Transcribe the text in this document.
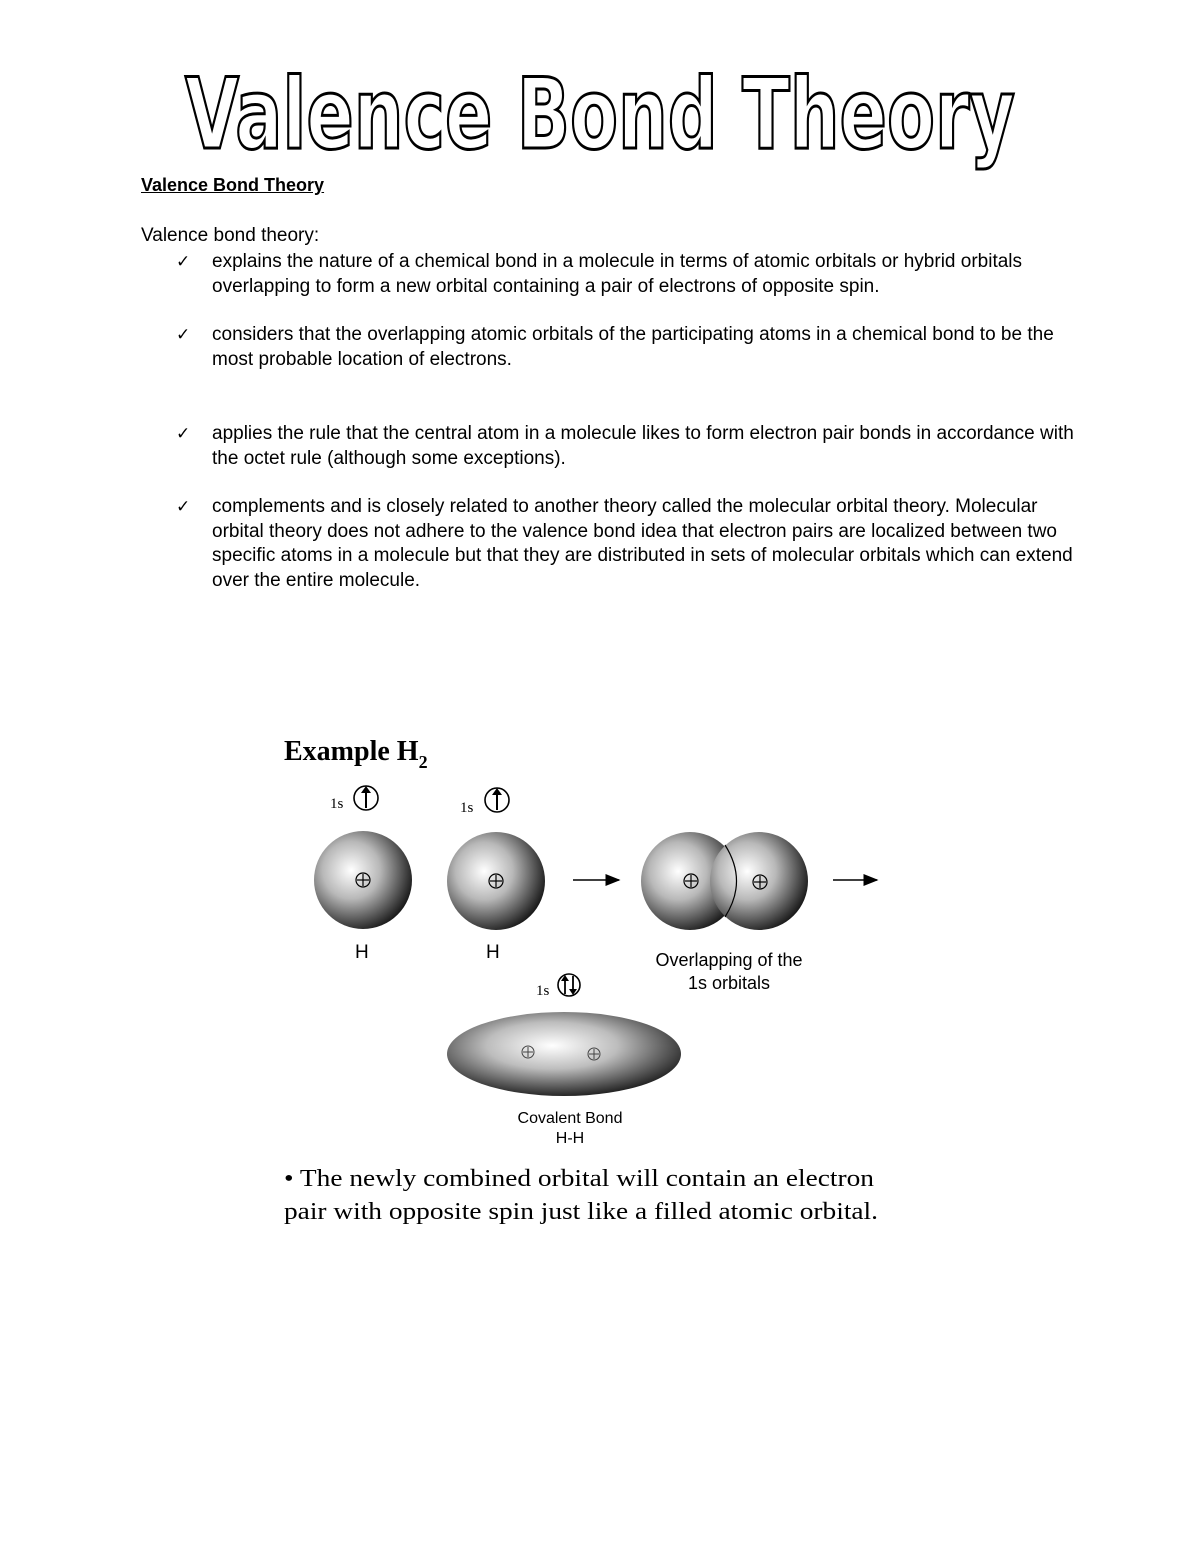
Valence Bond Theory
Valence Bond Theory
Valence bond theory:
✓ explains the nature of a chemical bond in a molecule in terms of atomic orbitals or hybrid orbitals overlapping to form a new orbital containing a pair of electrons of opposite spin.
✓ considers that the overlapping atomic orbitals of the participating atoms in a chemical bond to be the most probable location of electrons.
✓ applies the rule that the central atom in a molecule likes to form electron pair bonds in accordance with the octet rule (although some exceptions).
✓ complements and is closely related to another theory called the molecular orbital theory. Molecular orbital theory does not adhere to the valence bond idea that electron pairs are localized between two specific atoms in a molecule but that they are distributed in sets of molecular orbitals which can extend over the entire molecule.
Example $H_2$
1s
H
1s
H	Overlapping of the
1s orbitals
1s
Covalent Bond
H-H
• The newly combined orbital will contain an electron
pair with opposite spin just like a filled atomic orbital.
